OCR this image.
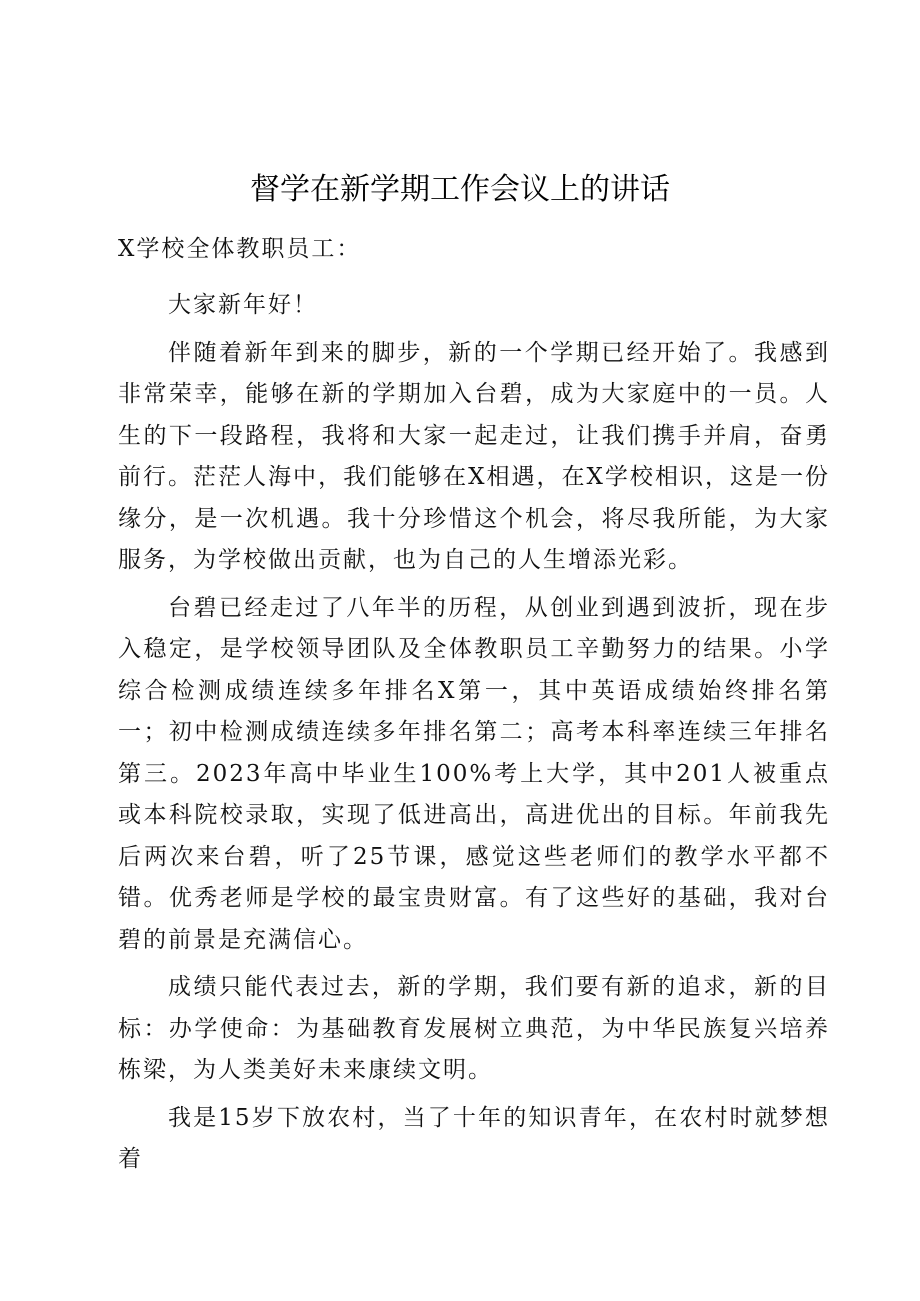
督学在新学期工作会议上的讲话

X学校全体教职员工：

大家新年好！

伴随着新年到来的脚步，新的一个学期已经开始了。我感到非常荣幸，能够在新的学期加入台碧，成为大家庭中的一员。人生的下一段路程，我将和大家一起走过，让我们携手并肩，奋勇前行。茫茫人海中，我们能够在X相遇，在X学校相识，这是一份缘分，是一次机遇。我十分珍惜这个机会，将尽我所能，为大家服务，为学校做出贡献，也为自己的人生增添光彩。

台碧已经走过了八年半的历程，从创业到遇到波折，现在步入稳定，是学校领导团队及全体教职员工辛勤努力的结果。小学综合检测成绩连续多年排名X第一，其中英语成绩始终排名第一；初中检测成绩连续多年排名第二；高考本科率连续三年排名第三。2023年高中毕业生100%考上大学，其中201人被重点或本科院校录取，实现了低进高出，高进优出的目标。年前我先后两次来台碧，听了25节课，感觉这些老师们的教学水平都不错。优秀老师是学校的最宝贵财富。有了这些好的基础，我对台碧的前景是充满信心。

成绩只能代表过去，新的学期，我们要有新的追求，新的目标：办学使命：为基础教育发展树立典范，为中华民族复兴培养栋梁，为人类美好未来康续文明。

我是15岁下放农村，当了十年的知识青年，在农村时就梦想着
